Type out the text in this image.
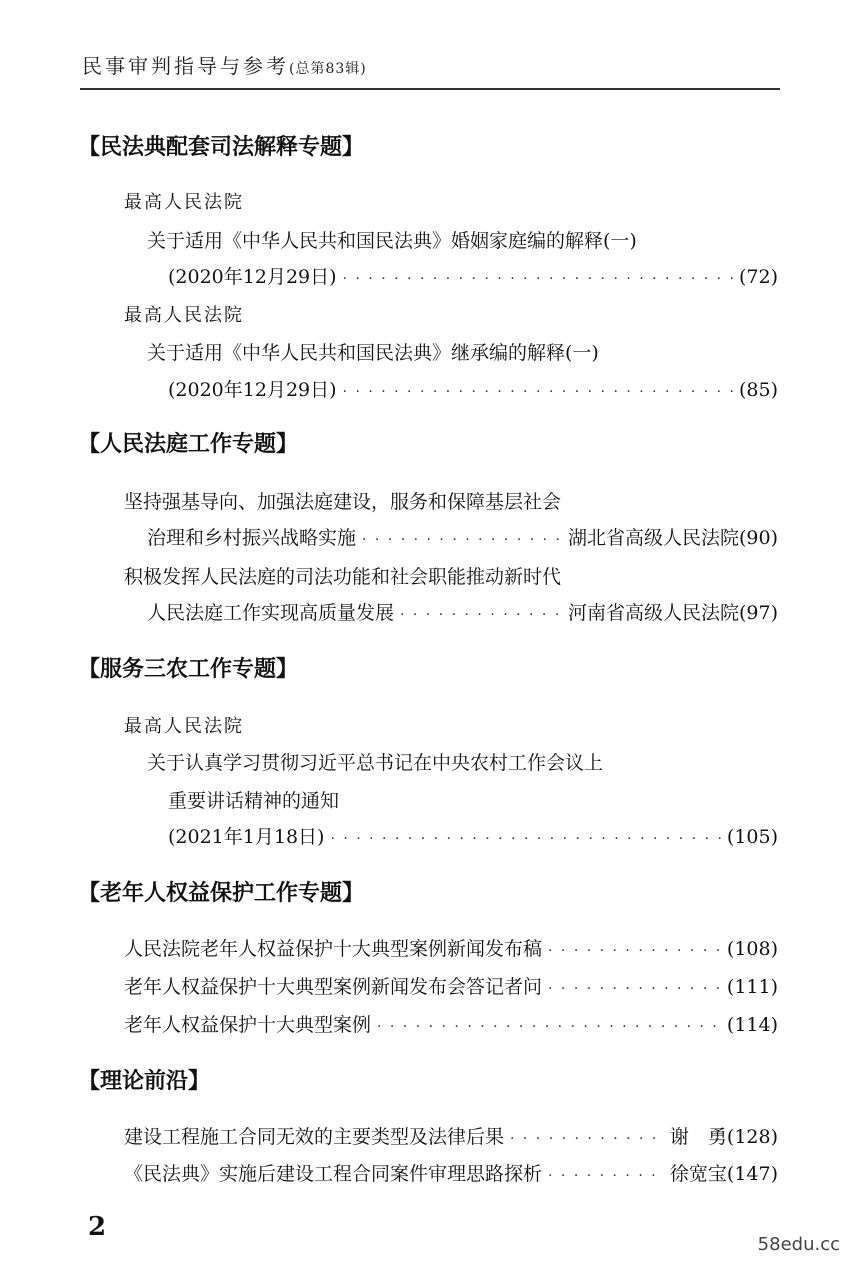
民事审判指导与参考(总第83辑)
【民法典配套司法解释专题】
最高人民法院
关于适用《中华人民共和国民法典》婚姻家庭编的解释(一)
(2020年12月29日) · · ·	(72)
最高人民法院
关于适用《中华人民共和国民法典》继承编的解释(一)
(2020年12月29日) · · ·	(85)
【人民法庭工作专题】
坚持强基导向、加强法庭建设，服务和保障基层社会
治理和乡村振兴战略实施 · · ·	湖北省高级人民法院 (90)
积极发挥人民法庭的司法功能和社会职能推动新时代
人民法庭工作实现高质量发展 · · ·	河南省高级人民法院 (97)
【服务三农工作专题】
最高人民法院
关于认真学习贯彻习近平总书记在中央农村工作会议上
重要讲话精神的通知
(2021年1月18日) · · ·	(105)
【老年人权益保护工作专题】
人民法院老年人权益保护十大典型案例新闻发布稿 · · ·	(108)
老年人权益保护十大典型案例新闻发布会答记者问 · · ·	(111)
老年人权益保护十大典型案例 · · ·	(114)
【理论前沿】
建设工程施工合同无效的主要类型及法律后果 · · ·	谢　勇 (128)
《民法典》实施后建设工程合同案件审理思路探析 · · ·	徐宽宝 (147)
2
58edu.cc
